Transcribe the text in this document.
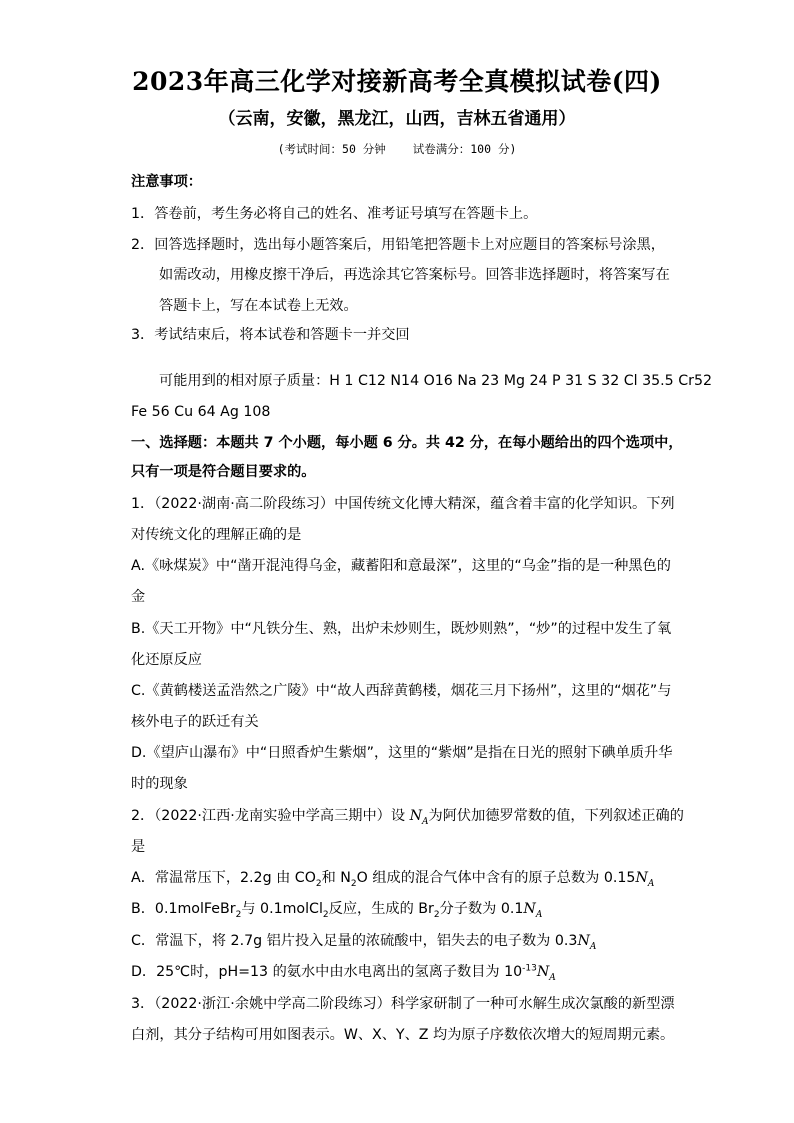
2023年高三化学对接新高考全真模拟试卷(四)
（云南，安徽，黑龙江，山西，吉林五省通用）
(考试时间：50 分钟 试卷满分：100 分)
注意事项：
1．答卷前，考生务必将自己的姓名、准考证号填写在答题卡上。
2．回答选择题时，选出每小题答案后，用铅笔把答题卡上对应题目的答案标号涂黑，
如需改动，用橡皮擦干净后，再选涂其它答案标号。回答非选择题时，将答案写在
答题卡上，写在本试卷上无效。
3．考试结束后，将本试卷和答题卡一并交回
可能用到的相对原子质量：H 1 C12 N14 O16 Na 23 Mg 24 P 31 S 32 Cl 35.5 Cr52
Fe 56 Cu 64 Ag 108
一、选择题：本题共 7 个小题，每小题 6 分。共 42 分，在每小题给出的四个选项中，
只有一项是符合题目要求的。
1．（2022·湖南·高二阶段练习）中国传统文化博大精深，蕴含着丰富的化学知识。下列
对传统文化的理解正确的是
A.《咏煤炭》中“凿开混沌得乌金，藏蓄阳和意最深”，这里的“乌金”指的是一种黑色的
金
B.《天工开物》中“凡铁分生、熟，出炉未炒则生，既炒则熟”，“炒”的过程中发生了氧
化还原反应
C.《黄鹤楼送孟浩然之广陵》中“故人西辞黄鹤楼，烟花三月下扬州”，这里的“烟花”与
核外电子的跃迁有关
D.《望庐山瀑布》中“日照香炉生紫烟”，这里的“紫烟”是指在日光的照射下碘单质升华
时的现象
2．（2022·江西·龙南实验中学高三期中）设 $N_A$为阿伏加德罗常数的值，下列叙述正确的
是
A．常温常压下，2.2g 由 $CO_2$和 $N_2O$ 组成的混合气体中含有的原子总数为 $0.15N_A$
B．0.1molFeBr$_2$与 0.1molCl$_2$反应，生成的 $Br_2$分子数为 $0.1N_A$
C．常温下，将 2.7g 铝片投入足量的浓硫酸中，铝失去的电子数为 $0.3N_A$
D．25℃时，pH=13 的氨水中由水电离出的氢离子数目为 $10^{-13}N_A$
3．（2022·浙江·余姚中学高二阶段练习）科学家研制了一种可水解生成次氯酸的新型漂
白剂，其分子结构可用如图表示。W、X、Y、Z 均为原子序数依次增大的短周期元素。
